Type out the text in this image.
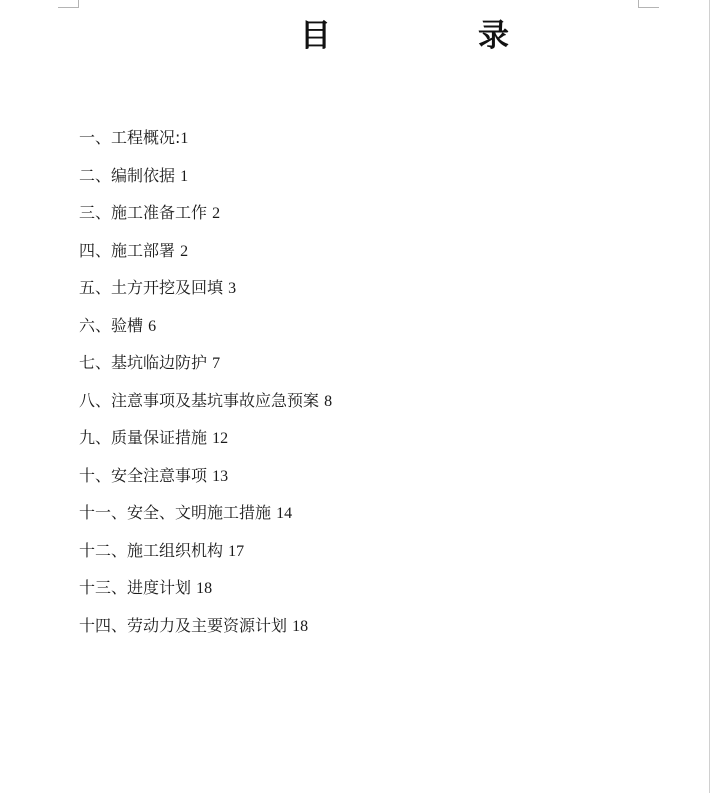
目　录
一、工程概况:1
二、编制依据 1
三、施工准备工作 2
四、施工部署 2
五、土方开挖及回填 3
六、验槽 6
七、基坑临边防护 7
八、注意事项及基坑事故应急预案 8
九、质量保证措施 12
十、安全注意事项 13
十一、安全、文明施工措施 14
十二、施工组织机构 17
十三、进度计划 18
十四、劳动力及主要资源计划 18
